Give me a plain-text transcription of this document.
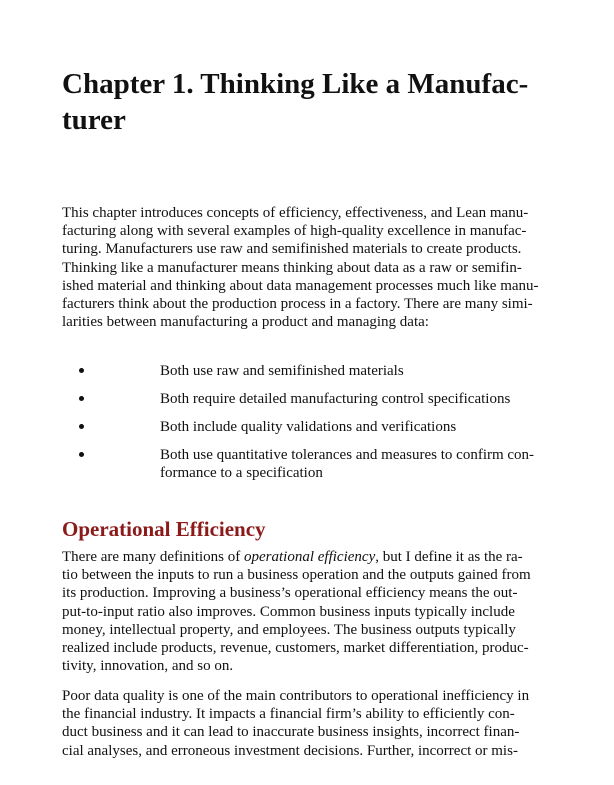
Chapter 1. Thinking Like a Manufac-
turer

This chapter introduces concepts of efficiency, effectiveness, and Lean manu-
facturing along with several examples of high-quality excellence in manufac-
turing. Manufacturers use raw and semifinished materials to create products.
Thinking like a manufacturer means thinking about data as a raw or semifin-
ished material and thinking about data management processes much like manu-
facturers think about the production process in a factory. There are many simi-
larities between manufacturing a product and managing data:

Both use raw and semifinished materials
Both require detailed manufacturing control specifications
Both include quality validations and verifications
Both use quantitative tolerances and measures to confirm con-
formance to a specification
Operational Efficiency

There are many definitions of operational efficiency, but I define it as the ra-
tio between the inputs to run a business operation and the outputs gained from
its production. Improving a business’s operational efficiency means the out-
put-to-input ratio also improves. Common business inputs typically include
money, intellectual property, and employees. The business outputs typically
realized include products, revenue, customers, market differentiation, produc-
tivity, innovation, and so on.

Poor data quality is one of the main contributors to operational inefficiency in
the financial industry. It impacts a financial firm’s ability to efficiently con-
duct business and it can lead to inaccurate business insights, incorrect finan-
cial analyses, and erroneous investment decisions. Further, incorrect or mis-
